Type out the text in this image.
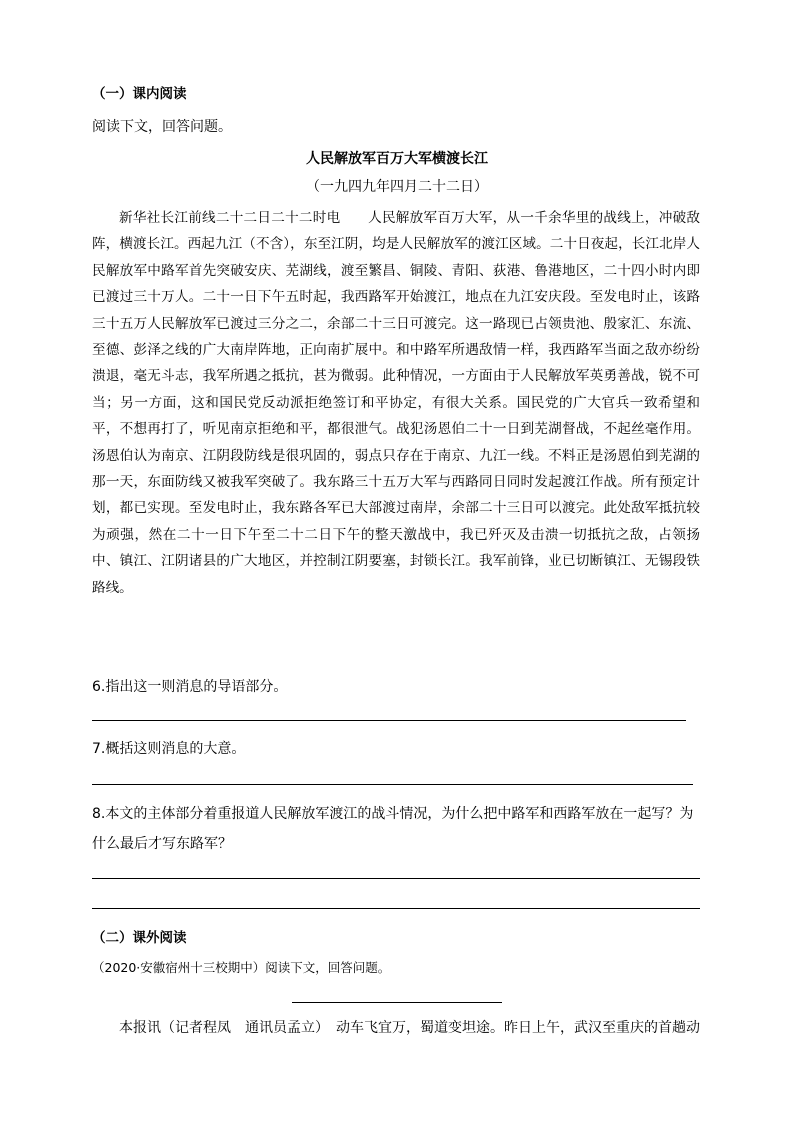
（一）课内阅读
阅读下文，回答问题。
人民解放军百万大军横渡长江
（一九四九年四月二十二日）
新华社长江前线二十二日二十二时电　　人民解放军百万大军，从一千余华里的战线上，冲破敌阵，横渡长江。西起九江（不含），东至江阴，均是人民解放军的渡江区域。二十日夜起，长江北岸人民解放军中路军首先突破安庆、芜湖线，渡至繁昌、铜陵、青阳、荻港、鲁港地区，二十四小时内即已渡过三十万人。二十一日下午五时起，我西路军开始渡江，地点在九江安庆段。至发电时止，该路三十五万人民解放军已渡过三分之二，余部二十三日可渡完。这一路现已占领贵池、殷家汇、东流、至德、彭泽之线的广大南岸阵地，正向南扩展中。和中路军所遇敌情一样，我西路军当面之敌亦纷纷溃退，毫无斗志，我军所遇之抵抗，甚为微弱。此种情况，一方面由于人民解放军英勇善战，锐不可当；另一方面，这和国民党反动派拒绝签订和平协定，有很大关系。国民党的广大官兵一致希望和平，不想再打了，听见南京拒绝和平，都很泄气。战犯汤恩伯二十一日到芜湖督战，不起丝毫作用。汤恩伯认为南京、江阴段防线是很巩固的，弱点只存在于南京、九江一线。不料正是汤恩伯到芜湖的那一天，东面防线又被我军突破了。我东路三十五万大军与西路同日同时发起渡江作战。所有预定计划，都已实现。至发电时止，我东路各军已大部渡过南岸，余部二十三日可以渡完。此处敌军抵抗较为顽强，然在二十一日下午至二十二日下午的整天激战中，我已歼灭及击溃一切抵抗之敌，占领扬中、镇江、江阴诸县的广大地区，并控制江阴要塞，封锁长江。我军前锋，业已切断镇江、无锡段铁路线。
6.指出这一则消息的导语部分。
7.概括这则消息的大意。
8.本文的主体部分着重报道人民解放军渡江的战斗情况，为什么把中路军和西路军放在一起写？为什么最后才写东路军？
（二）课外阅读
（2020·安徽宿州十三校期中）阅读下文，回答问题。
本报讯（记者程凤　通讯员孟立）　动车飞宜万，蜀道变坦途。昨日上午，武汉至重庆的首趟动
